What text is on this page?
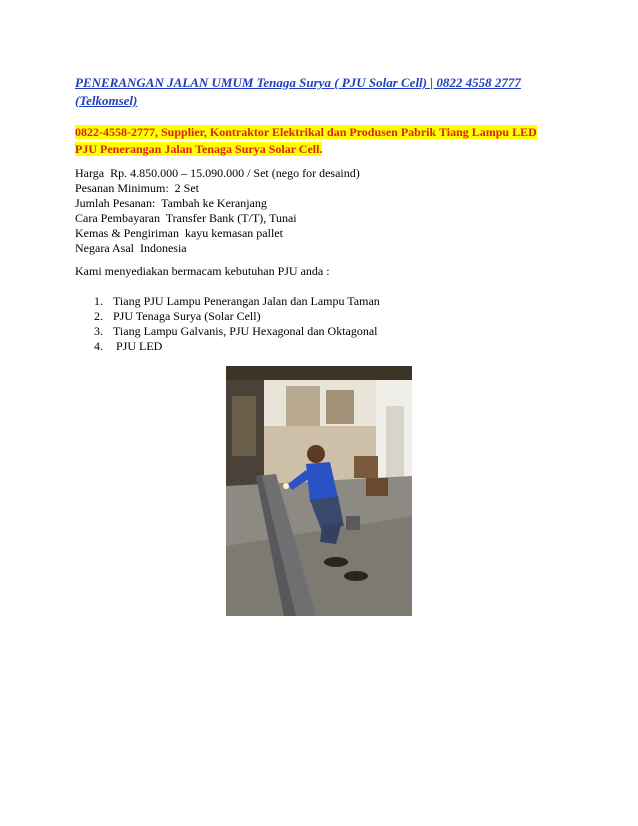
PENERANGAN JALAN UMUM Tenaga Surya ( PJU Solar Cell) | 0822 4558 2777 (Telkomsel)

0822-4558-2777, Supplier, Kontraktor Elektrikal dan Produsen Pabrik Tiang Lampu LED
PJU Penerangan Jalan Tenaga Surya Solar Cell.

Harga  Rp. 4.850.000 – 15.090.000 / Set (nego for desaind)
Pesanan Minimum:  2 Set
Jumlah Pesanan:  Tambah ke Keranjang
Cara Pembayaran  Transfer Bank (T/T), Tunai
Kemas & Pengiriman  kayu kemasan pallet
Negara Asal  Indonesia

Kami menyediakan bermacam kebutuhan PJU anda :

1. Tiang PJU Lampu Penerangan Jalan dan Lampu Taman
2. PJU Tenaga Surya (Solar Cell)
3. Tiang Lampu Galvanis, PJU Hexagonal dan Oktagonal
4. PJU LED
